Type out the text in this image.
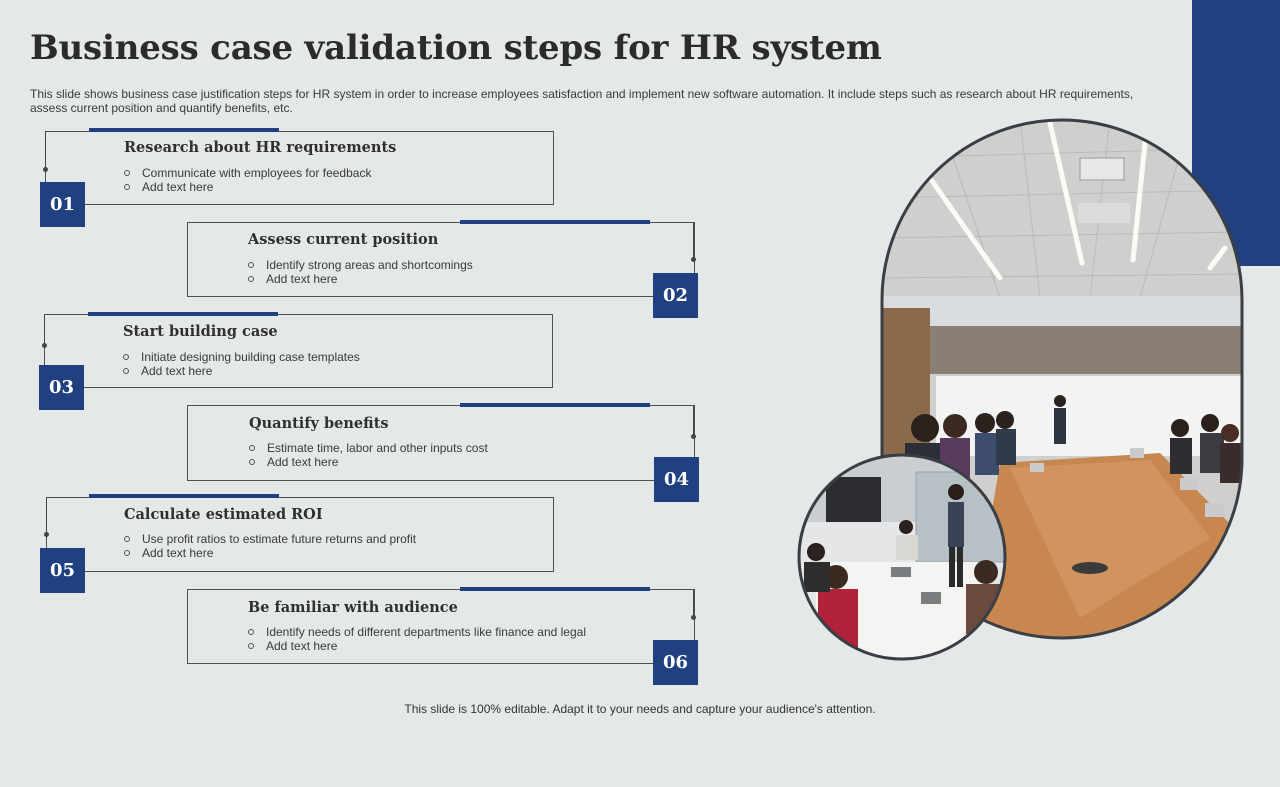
Business case validation steps for HR system
This slide shows business case justification steps for HR system in order to increase employees satisfaction and implement new software automation. It include steps such as research about HR requirements, assess current position and quantify benefits, etc.
01
Research about HR requirements
Communicate with employees for feedback
Add text here
02
Assess current position
Identify strong areas and shortcomings
Add text here
03
Start building case
Initiate designing building case templates
Add text here
04
Quantify benefits
Estimate time, labor and other inputs cost
Add text here
05
Calculate estimated ROI
Use profit ratios to estimate future returns and profit
Add text here
06
Be familiar with audience
Identify needs of different departments like finance and legal
Add text here
This slide is 100% editable. Adapt it to your needs and capture your audience's attention.
